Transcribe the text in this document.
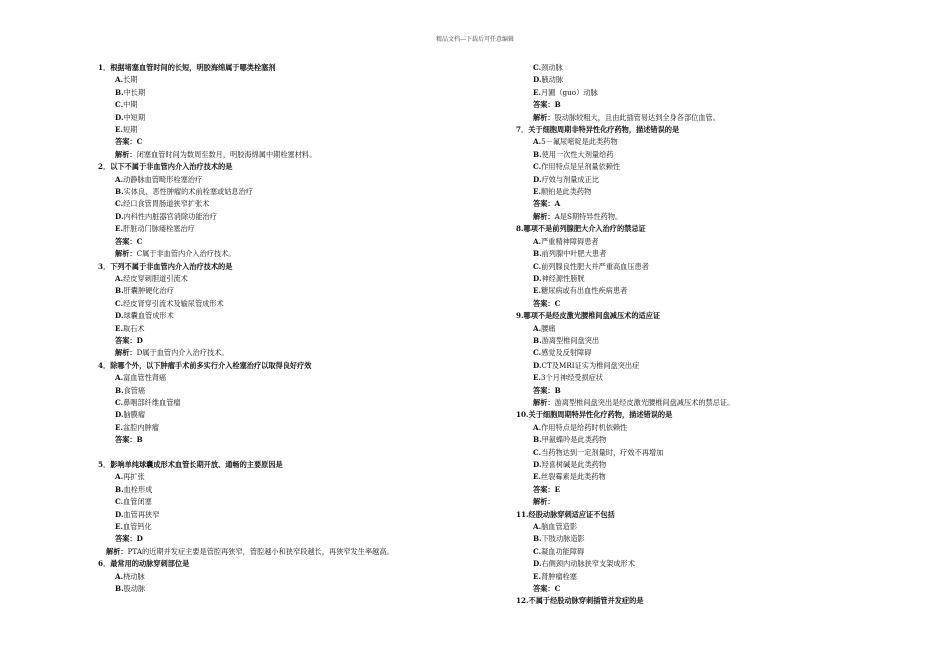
精品文档---下载后可任意编辑
1．根据堵塞血管时间的长短，明胶海绵属于哪类栓塞剂
A.长期
B.中长期
C.中期
D.中短期
E.短期
答案：C
解析：闭塞血管时间为数周至数月，明胶海绵属中期栓塞材料。
2．以下不属于非血管内介入治疗技术的是
A.动静脉血管畸形栓塞治疗
B.实体良、恶性肿瘤的术前栓塞或姑息治疗
C.经口食管胃肠道狭窄扩张术
D.内科性内脏器官消除功能治疗
E.肝脏动门脉瘘栓塞治疗
答案：C
解析：C属于非血管内介入治疗技术。
3．下列不属于非血管内介入治疗技术的是
A.经皮穿刺胆道引流术
B.肝囊肿硬化治疗
C.经皮肾穿引流术及输尿管成形术
D.球囊血管成形术
E.取石术
答案：D
解析：D属于血管内介入治疗技术。
4．除哪个外，以下肿瘤手术前多实行介入栓塞治疗以取得良好疗效
A.富血管性肾癌
B.食管癌
C.鼻咽部纤维血管瘤
D.脑膜瘤
E.盆腔内肿瘤
答案：B
5．影响单纯球囊成形术血管长期开放、通畅的主要原因是
A.再扩张
B.血栓形成
C.血管闭塞
D.血管再狭窄
E.血管钙化
答案：D
解析：PTA的近期并发症主要是管腔再狭窄，管腔越小和狭窄段越长，再狭窄发生率越高。
6．最常用的动脉穿刺部位是
A.桡动脉
B.股动脉
C.颈动脉
D.腋动脉
E.月圃（guo）动脉
答案：B
解析：股动脉较粗大，且由此插管易达到全身各部位血管。
7．关于细胞周期非特异性化疗药物，描述错误的是
A.5－氟尿嘧啶是此类药物
B.使用一次性大剂量给药
C.作用特点是呈剂量依赖性
D.疗效与剂量成正比
E.顺铂是此类药物
答案：A
解析：A是S期特异性药物。
8.哪项不是前列腺肥大介入治疗的禁忌证
A.严重精神障碍患者
B.前列腺中叶肥大患者
C.前列腺良性肥大并严重高血压患者
D.神经源性膀胱
E.糖尿病或有出血性疾病患者
答案：C
9.哪项不是经皮激光腰椎间盘减压术的适应证
A.腰痛
B.游离型椎间盘突出
C.感觉及反射障碍
D.CT及MRI证实为椎间盘突出症
E.3个月神经受损症状
答案：B
解析：游离型椎间盘突出是经皮激光腰椎间盘减压术的禁忌证。
10.关于细胞周期特异性化疗药物，描述错误的是
A.作用特点是给药时机依赖性
B.甲氨蝶呤是此类药物
C.当药物达到一定剂量时，疗效不再增加
D.羟喜树碱是此类药物
E.丝裂霉素是此类药物
答案：E
解析：
11.经股动脉穿刺适应证不包括
A.脑血管造影
B.下肢动脉造影
C.凝血功能障碍
D.右侧颈内动脉狭窄支架成形术
E.肾肿瘤栓塞
答案：C
12.不属于经股动脉穿刺插管并发症的是
